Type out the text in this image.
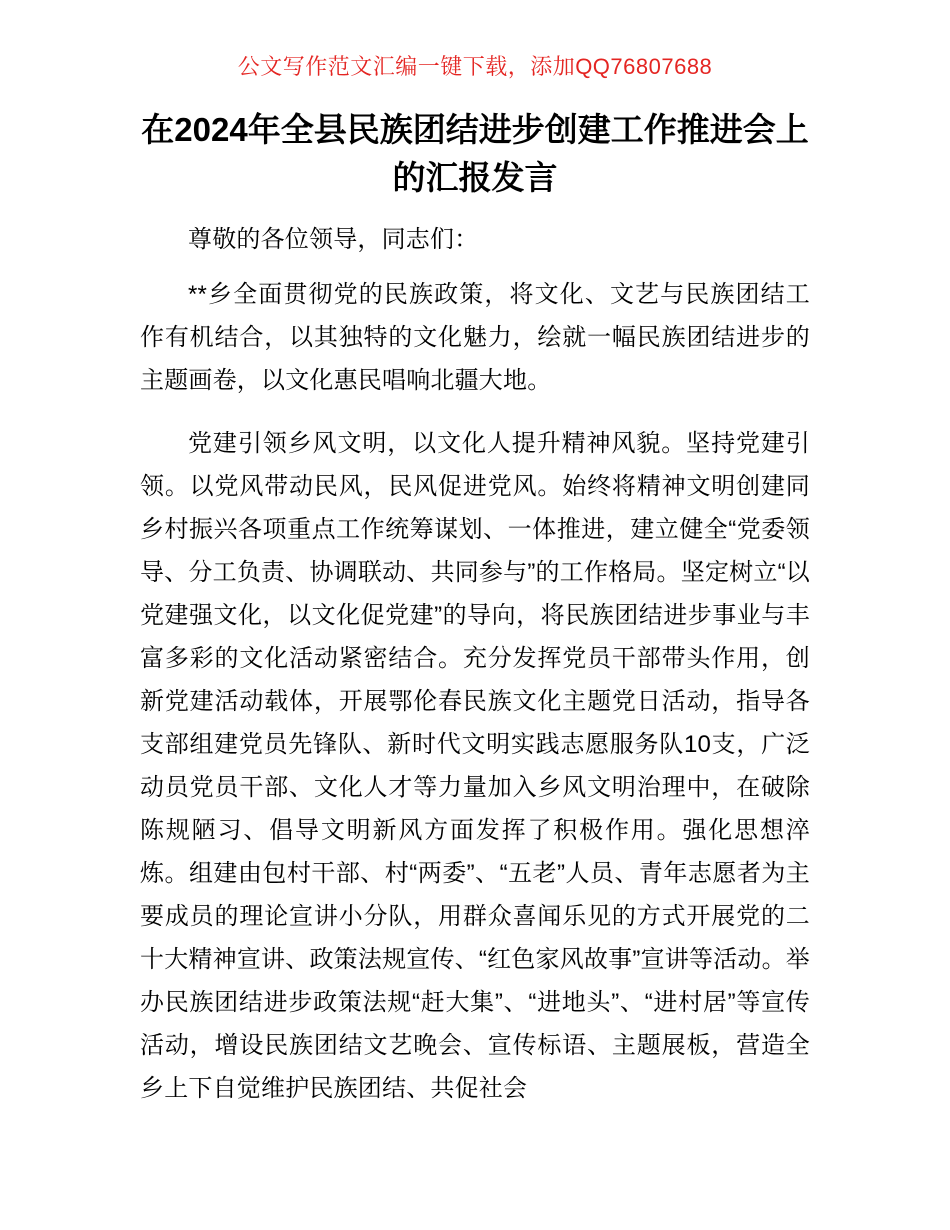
公文写作范文汇编一键下载，添加QQ76807688
在2024年全县民族团结进步创建工作推进会上
的汇报发言

尊敬的各位领导，同志们：

**乡全面贯彻党的民族政策，将文化、文艺与民族团结工作有机结合，以其独特的文化魅力，绘就一幅民族团结进步的主题画卷，以文化惠民唱响北疆大地。

党建引领乡风文明，以文化人提升精神风貌。坚持党建引领。以党风带动民风，民风促进党风。始终将精神文明创建同乡村振兴各项重点工作统筹谋划、一体推进，建立健全“党委领导、分工负责、协调联动、共同参与”的工作格局。坚定树立“以党建强文化，以文化促党建”的导向，将民族团结进步事业与丰富多彩的文化活动紧密结合。充分发挥党员干部带头作用，创新党建活动载体，开展鄂伦春民族文化主题党日活动，指导各支部组建党员先锋队、新时代文明实践志愿服务队10支，广泛动员党员干部、文化人才等力量加入乡风文明治理中，在破除陈规陋习、倡导文明新风方面发挥了积极作用。强化思想淬炼。组建由包村干部、村“两委”、“五老”人员、青年志愿者为主要成员的理论宣讲小分队，用群众喜闻乐见的方式开展党的二十大精神宣讲、政策法规宣传、“红色家风故事”宣讲等活动。举办民族团结进步政策法规“赶大集”、“进地头”、“进村居”等宣传活动，增设民族团结文艺晚会、宣传标语、主题展板，营造全乡上下自觉维护民族团结、共促社会
